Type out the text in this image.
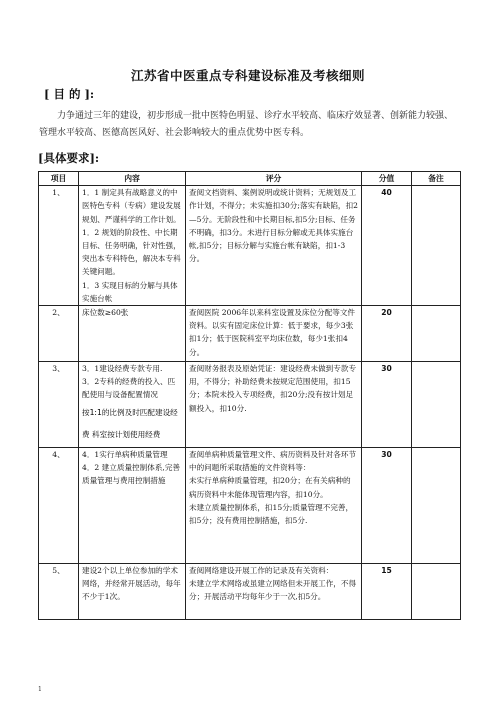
江苏省中医重点专科建设标准及考核细则
[ 目 的 ]:
力争通过三年的建设，初步形成一批中医特色明显、诊疗水平较高、临床疗效显著、创新能力较强、管理水平较高、医德高医风好、社会影响较大的重点优势中医专科。
[具体要求]:
项目	内容	评分	分值	备注
1、	1．1 制定具有战略意义的中医特色专科（专病）建设发展规划、严谨科学的工作计划。
1．2 规划的阶段性、中长期目标、任务明确，针对性强，突出本专科特色，解决本专科关键问题。
1．3 实现目标的分解与具体实施台帐	查阅文档资料、案例说明或统计资料；无规划及工作计划，不得分；未实施扣30分;落实有缺陷，扣2—5分。无阶段性和中长期目标,扣5分;目标、任务不明确，扣3分。未进行目标分解或无具体实施台帐,扣5分；目标分解与实施台帐有缺陷，扣1-3分。	40	
2、	床位数≥60张	查阅医院 2006年以来科室设置及床位分配等文件资料。以实有固定床位计算：低于要求，每少3张扣1分；低于医院科室平均床位数，每少1张扣4分。	20	
3、	3．1建设经费专款专用.
3．2专科的经费的投入、匹配使用与设备配置情况
按1:1的比例及时匹配建设经费 科室按计划使用经费	查阅财务报表及原始凭证：建设经费未做到专款专用，不得分；补助经费未按规定范围使用，扣15分；本院未投入专项经费，扣20分;没有按计划足额投入，扣10分.	30	
4、	4．1实行单病种质量管理
4．2 建立质量控制体系,完善质量管理与费用控制措施	查阅单病种质量管理文件、病历资料及针对各环节中的问题所采取措施的文件资料等：
未实行单病种质量管理，扣20分；在有关病种的病历资料中未能体现管理内容，扣10分。
未建立质量控制体系，扣15分;质量管理不完善，扣5分；没有费用控制措施，扣5分.	30	
5、	建设2个以上单位参加的学术网络，并经常开展活动，每年不少于1次。	查阅网络建设开展工作的记录及有关资料：
未建立学术网络或虽建立网络但未开展工作，不得分；开展活动平均每年少于一次,扣5分。	15	
1
